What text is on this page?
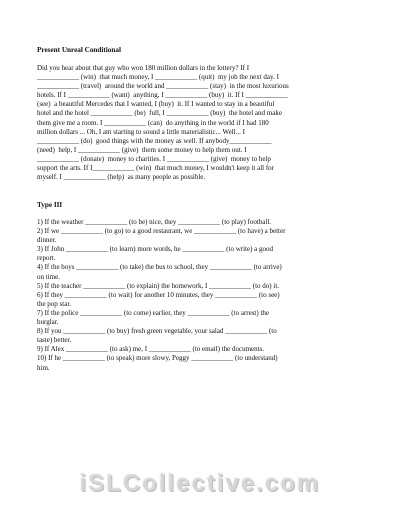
Present Unreal Conditional
Did you hear about that guy who won 180 million dollars in the lottery? If I
____________ (win)  that much money, I ____________ (quit)  my job the next day. I
____________ (travel)  around the world and ____________ (stay)  in the most luxurious
hotels. If I ____________ (want)  anything, I ____________ (buy)  it. If I ____________
(see)  a beautiful Mercedes that I wanted, I (buy)  it. If I wanted to stay in a beautiful
hotel and the hotel ____________ (be)  full, I ____________ (buy)  the hotel and make
them give me a room. I ____________ (can)  do anything in the world if I had 180
million dollars ... Oh, I am starting to sound a little materialistic... Well... I
____________ (do)  good things with the money as well. If anybody____________
(need)  help, I ____________ (give)  them some money to help them out. I
____________ (donate)  money to charities. I ____________ (give)  money to help
support the arts. If I____________ (win)  that much money, I wouldn't keep it all for
myself. I ____________ (help)  as many people as possible.
Type III
1) If the weather ____________ (to be) nice, they ____________ (to play) football.
2) If we ____________ (to go) to a good restaurant, we ____________ (to have) a better
dinner.
3) If John ____________ (to learn) more words, he ____________ (to write) a good
report.
4) If the boys ____________ (to take) the bus to school, they ____________ (to arrive)
on time.
5) If the teacher ____________ (to explain) the homework, I ____________ (to do) it.
6) If they ____________ (to wait) for another 10 minutes, they ____________ (to see)
the pop star.
7) If the police ____________ (to come) earlier, they ____________ (to arrest) the
burglar.
8) If you ____________ (to buy) fresh green vegetable, your salad ____________ (to
taste) better.
9) If Alex ____________ (to ask) me, I ____________ (to email) the documents.
10) If he ____________ (to speak) more slowy, Peggy ____________ (to understand)
him.
iSLCollective.com
